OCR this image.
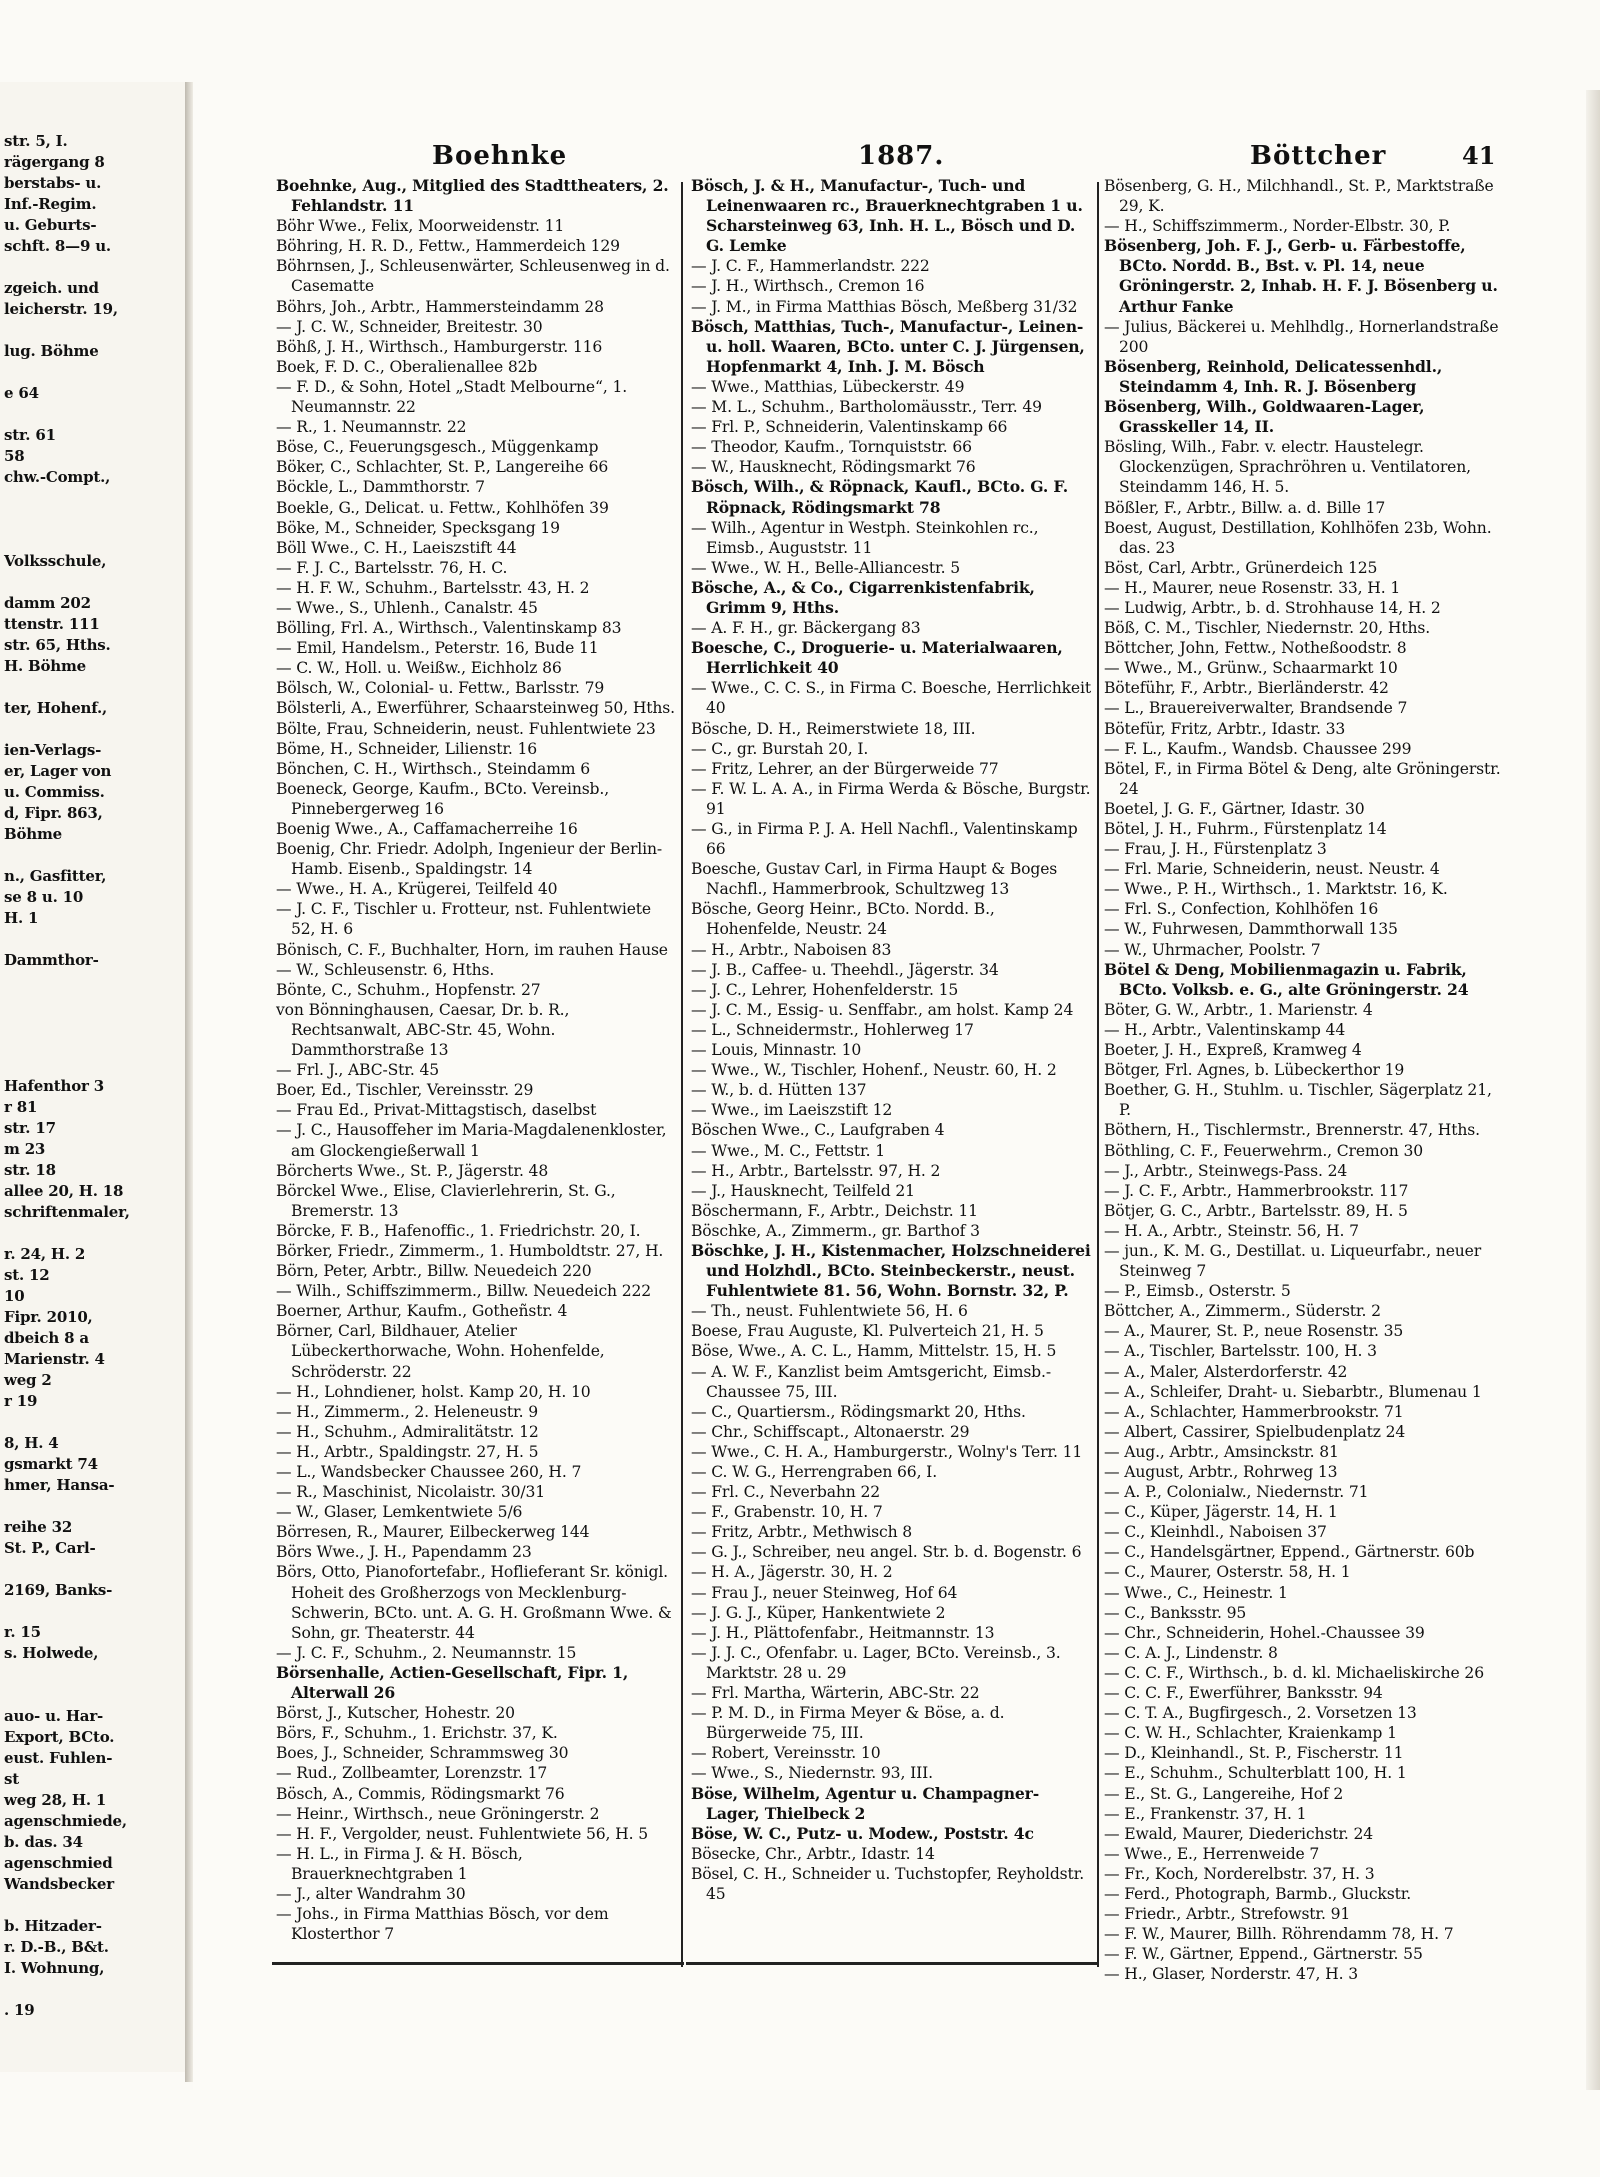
str. 5, I.
rägergang 8
berstabs- u.
Inf.-Regim.
u. Geburts-
schft. 8—9 u.
zgeich. und
leicherstr. 19,
lug. Böhme
e 64
str. 61
58
chw.-Compt.,
Volksschule,
damm 202
ttenstr. 111
str. 65, Hths.
H. Böhme
ter, Hohenf.,
ien-Verlags-
er, Lager von
u. Commiss.
d, Fipr. 863,
Böhme
n., Gasfitter,
se 8 u. 10
H. 1
Dammthor-
Hafenthor 3
r 81
str. 17
m 23
str. 18
allee 20, H. 18
schriftenmaler,
r. 24, H. 2
st. 12
10
Fipr. 2010,
dbeich 8 a
Marienstr. 4
weg 2
r 19
8, H. 4
gsmarkt 74
hmer, Hansa-
reihe 32
St. P., Carl-
2169, Banks-
r. 15
s. Holwede,
auo- u. Har-
Export, BCto.
eust. Fuhlen-
st
weg 28, H. 1
agenschmiede,
b. das. 34
agenschmied
Wandsbecker
b. Hitzader-
r. D.-B., B&t.
I. Wohnung,
. 19
Boehnke	1887.	Böttcher	41

Boehnke, Aug., Mitglied des Stadttheaters, 2. Fehlandstr. 11

Böhr Wwe., Felix, Moorweidenstr. 11

Böhring, H. R. D., Fettw., Hammerdeich 129

Böhrnsen, J., Schleusenwärter, Schleusenweg in d. Casematte

Böhrs, Joh., Arbtr., Hammersteindamm 28

— J. C. W., Schneider, Breitestr. 30

Böhß, J. H., Wirthsch., Hamburgerstr. 116

Boek, F. D. C., Oberalienallee 82b

— F. D., & Sohn, Hotel „Stadt Melbourne“, 1. Neumannstr. 22

— R., 1. Neumannstr. 22

Böse, C., Feuerungsgesch., Müggenkamp

Böker, C., Schlachter, St. P., Langereihe 66

Böckle, L., Dammthorstr. 7

Boekle, G., Delicat. u. Fettw., Kohlhöfen 39

Böke, M., Schneider, Specksgang 19

Böll Wwe., C. H., Laeiszstift 44

— F. J. C., Bartelsstr. 76, H. C.

— H. F. W., Schuhm., Bartelsstr. 43, H. 2

— Wwe., S., Uhlenh., Canalstr. 45

Bölling, Frl. A., Wirthsch., Valentinskamp 83

— Emil, Handelsm., Peterstr. 16, Bude 11

— C. W., Holl. u. Weißw., Eichholz 86

Bölsch, W., Colonial- u. Fettw., Barlsstr. 79

Bölsterli, A., Ewerführer, Schaarsteinweg 50, Hths.

Bölte, Frau, Schneiderin, neust. Fuhlentwiete 23

Böme, H., Schneider, Lilienstr. 16

Bönchen, C. H., Wirthsch., Steindamm 6

Boeneck, George, Kaufm., BCto. Vereinsb., Pinnebergerweg 16

Boenig Wwe., A., Caffamacherreihe 16

Boenig, Chr. Friedr. Adolph, Ingenieur der Berlin-Hamb. Eisenb., Spaldingstr. 14

— Wwe., H. A., Krügerei, Teilfeld 40

— J. C. F., Tischler u. Frotteur, nst. Fuhlentwiete 52, H. 6

Bönisch, C. F., Buchhalter, Horn, im rauhen Hause

— W., Schleusenstr. 6, Hths.

Bönte, C., Schuhm., Hopfenstr. 27

von Bönninghausen, Caesar, Dr. b. R., Rechtsanwalt, ABC-Str. 45, Wohn. Dammthorstraße 13

— Frl. J., ABC-Str. 45

Boer, Ed., Tischler, Vereinsstr. 29

— Frau Ed., Privat-Mittagstisch, daselbst

— J. C., Hausoffeher im Maria-Magdalenenkloster, am Glockengießerwall 1

Börcherts Wwe., St. P., Jägerstr. 48

Börckel Wwe., Elise, Clavierlehrerin, St. G., Bremerstr. 13

Börcke, F. B., Hafenoffic., 1. Friedrichstr. 20, I.

Börker, Friedr., Zimmerm., 1. Humboldtstr. 27, H.

Börn, Peter, Arbtr., Billw. Neuedeich 220

— Wilh., Schiffszimmerm., Billw. Neuedeich 222

Boerner, Arthur, Kaufm., Gotheñstr. 4

Börner, Carl, Bildhauer, Atelier Lübeckerthorwache, Wohn. Hohenfelde, Schröderstr. 22

— H., Lohndiener, holst. Kamp 20, H. 10

— H., Zimmerm., 2. Heleneustr. 9

— H., Schuhm., Admiralitätstr. 12

— H., Arbtr., Spaldingstr. 27, H. 5

— L., Wandsbecker Chaussee 260, H. 7

— R., Maschinist, Nicolaistr. 30/31

— W., Glaser, Lemkentwiete 5/6

Börresen, R., Maurer, Eilbeckerweg 144

Börs Wwe., J. H., Papendamm 23

Börs, Otto, Pianofortefabr., Hoflieferant Sr. königl. Hoheit des Großherzogs von Mecklenburg-Schwerin, BCto. unt. A. G. H. Großmann Wwe. & Sohn, gr. Theaterstr. 44

— J. C. F., Schuhm., 2. Neumannstr. 15

Börsenhalle, Actien-Gesellschaft, Fipr. 1, Alterwall 26

Börst, J., Kutscher, Hohestr. 20

Börs, F., Schuhm., 1. Erichstr. 37, K.

Boes, J., Schneider, Schrammsweg 30

— Rud., Zollbeamter, Lorenzstr. 17

Bösch, A., Commis, Rödingsmarkt 76

— Heinr., Wirthsch., neue Gröningerstr. 2

— H. F., Vergolder, neust. Fuhlentwiete 56, H. 5

— H. L., in Firma J. & H. Bösch, Brauerknechtgraben 1

— J., alter Wandrahm 30

— Johs., in Firma Matthias Bösch, vor dem Klosterthor 7

Bösch, J. & H., Manufactur-, Tuch- und Leinenwaaren rc., Brauerknechtgraben 1 u. Scharsteinweg 63, Inh. H. L., Bösch und D. G. Lemke

— J. C. F., Hammerlandstr. 222

— J. H., Wirthsch., Cremon 16

— J. M., in Firma Matthias Bösch, Meßberg 31/32

Bösch, Matthias, Tuch-, Manufactur-, Leinen- u. holl. Waaren, BCto. unter C. J. Jürgensen, Hopfenmarkt 4, Inh. J. M. Bösch

— Wwe., Matthias, Lübeckerstr. 49

— M. L., Schuhm., Bartholomäusstr., Terr. 49

— Frl. P., Schneiderin, Valentinskamp 66

— Theodor, Kaufm., Tornquiststr. 66

— W., Hausknecht, Rödingsmarkt 76

Bösch, Wilh., & Röpnack, Kaufl., BCto. G. F. Röpnack, Rödingsmarkt 78

— Wilh., Agentur in Westph. Steinkohlen rc., Eimsb., Auguststr. 11

— Wwe., W. H., Belle-Alliancestr. 5

Bösche, A., & Co., Cigarrenkistenfabrik, Grimm 9, Hths.

— A. F. H., gr. Bäckergang 83

Boesche, C., Droguerie- u. Materialwaaren, Herrlichkeit 40

— Wwe., C. C. S., in Firma C. Boesche, Herrlichkeit 40

Bösche, D. H., Reimerstwiete 18, III.

— C., gr. Burstah 20, I.

— Fritz, Lehrer, an der Bürgerweide 77

— F. W. L. A. A., in Firma Werda & Bösche, Burgstr. 91

— G., in Firma P. J. A. Hell Nachfl., Valentinskamp 66

Boesche, Gustav Carl, in Firma Haupt & Boges Nachfl., Hammerbrook, Schultzweg 13

Bösche, Georg Heinr., BCto. Nordd. B., Hohenfelde, Neustr. 24

— H., Arbtr., Naboisen 83

— J. B., Caffee- u. Theehdl., Jägerstr. 34

— J. C., Lehrer, Hohenfelderstr. 15

— J. C. M., Essig- u. Senffabr., am holst. Kamp 24

— L., Schneidermstr., Hohlerweg 17

— Louis, Minnastr. 10

— Wwe., W., Tischler, Hohenf., Neustr. 60, H. 2

— W., b. d. Hütten 137

— Wwe., im Laeiszstift 12

Böschen Wwe., C., Laufgraben 4

— Wwe., M. C., Fettstr. 1

— H., Arbtr., Bartelsstr. 97, H. 2

— J., Hausknecht, Teilfeld 21

Böschermann, F., Arbtr., Deichstr. 11

Böschke, A., Zimmerm., gr. Barthof 3

Böschke, J. H., Kistenmacher, Holzschneiderei und Holzhdl., BCto. Steinbeckerstr., neust. Fuhlentwiete 81. 56, Wohn. Bornstr. 32, P.

— Th., neust. Fuhlentwiete 56, H. 6

Boese, Frau Auguste, Kl. Pulverteich 21, H. 5

Böse, Wwe., A. C. L., Hamm, Mittelstr. 15, H. 5

— A. W. F., Kanzlist beim Amtsgericht, Eimsb.-Chaussee 75, III.

— C., Quartiersm., Rödingsmarkt 20, Hths.

— Chr., Schiffscapt., Altonaerstr. 29

— Wwe., C. H. A., Hamburgerstr., Wolny's Terr. 11

— C. W. G., Herrengraben 66, I.

— Frl. C., Neverbahn 22

— F., Grabenstr. 10, H. 7

— Fritz, Arbtr., Methwisch 8

— G. J., Schreiber, neu angel. Str. b. d. Bogenstr. 6

— H. A., Jägerstr. 30, H. 2

— Frau J., neuer Steinweg, Hof 64

— J. G. J., Küper, Hankentwiete 2

— J. H., Plättofenfabr., Heitmannstr. 13

— J. J. C., Ofenfabr. u. Lager, BCto. Vereinsb., 3. Marktstr. 28 u. 29

— Frl. Martha, Wärterin, ABC-Str. 22

— P. M. D., in Firma Meyer & Böse, a. d. Bürgerweide 75, III.

— Robert, Vereinsstr. 10

— Wwe., S., Niedernstr. 93, III.

Böse, Wilhelm, Agentur u. Champagner-Lager, Thielbeck 2

Böse, W. C., Putz- u. Modew., Poststr. 4c

Bösecke, Chr., Arbtr., Idastr. 14

Bösel, C. H., Schneider u. Tuchstopfer, Reyholdstr. 45

Bösenberg, G. H., Milchhandl., St. P., Marktstraße 29, K.

— H., Schiffszimmerm., Norder-Elbstr. 30, P.

Bösenberg, Joh. F. J., Gerb- u. Färbestoffe, BCto. Nordd. B., Bst. v. Pl. 14, neue Gröningerstr. 2, Inhab. H. F. J. Bösenberg u. Arthur Fanke

— Julius, Bäckerei u. Mehlhdlg., Hornerlandstraße 200

Bösenberg, Reinhold, Delicatessenhdl., Steindamm 4, Inh. R. J. Bösenberg

Bösenberg, Wilh., Goldwaaren-Lager, Grasskeller 14, II.

Bösling, Wilh., Fabr. v. electr. Haustelegr. Glockenzügen, Sprachröhren u. Ventilatoren, Steindamm 146, H. 5.

Bößler, F., Arbtr., Billw. a. d. Bille 17

Boest, August, Destillation, Kohlhöfen 23b, Wohn. das. 23

Böst, Carl, Arbtr., Grünerdeich 125

— H., Maurer, neue Rosenstr. 33, H. 1

— Ludwig, Arbtr., b. d. Strohhause 14, H. 2

Böß, C. M., Tischler, Niedernstr. 20, Hths.

Böttcher, John, Fettw., Notheßoodstr. 8

— Wwe., M., Grünw., Schaarmarkt 10

Böteführ, F., Arbtr., Bierländerstr. 42

— L., Brauereiverwalter, Brandsende 7

Bötefür, Fritz, Arbtr., Idastr. 33

— F. L., Kaufm., Wandsb. Chaussee 299

Bötel, F., in Firma Bötel & Deng, alte Gröningerstr. 24

Boetel, J. G. F., Gärtner, Idastr. 30

Bötel, J. H., Fuhrm., Fürstenplatz 14

— Frau, J. H., Fürstenplatz 3

— Frl. Marie, Schneiderin, neust. Neustr. 4

— Wwe., P. H., Wirthsch., 1. Marktstr. 16, K.

— Frl. S., Confection, Kohlhöfen 16

— W., Fuhrwesen, Dammthorwall 135

— W., Uhrmacher, Poolstr. 7

Bötel & Deng, Mobilienmagazin u. Fabrik, BCto. Volksb. e. G., alte Gröningerstr. 24

Böter, G. W., Arbtr., 1. Marienstr. 4

— H., Arbtr., Valentinskamp 44

Boeter, J. H., Expreß, Kramweg 4

Bötger, Frl. Agnes, b. Lübeckerthor 19

Boether, G. H., Stuhlm. u. Tischler, Sägerplatz 21, P.

Böthern, H., Tischlermstr., Brennerstr. 47, Hths.

Böthling, C. F., Feuerwehrm., Cremon 30

— J., Arbtr., Steinwegs-Pass. 24

— J. C. F., Arbtr., Hammerbrookstr. 117

Bötjer, G. C., Arbtr., Bartelsstr. 89, H. 5

— H. A., Arbtr., Steinstr. 56, H. 7

— jun., K. M. G., Destillat. u. Liqueurfabr., neuer Steinweg 7

— P., Eimsb., Osterstr. 5

Böttcher, A., Zimmerm., Süderstr. 2

— A., Maurer, St. P., neue Rosenstr. 35

— A., Tischler, Bartelsstr. 100, H. 3

— A., Maler, Alsterdorferstr. 42

— A., Schleifer, Draht- u. Siebarbtr., Blumenau 1

— A., Schlachter, Hammerbrookstr. 71

— Albert, Cassirer, Spielbudenplatz 24

— Aug., Arbtr., Amsinckstr. 81

— August, Arbtr., Rohrweg 13

— A. P., Colonialw., Niedernstr. 71

— C., Küper, Jägerstr. 14, H. 1

— C., Kleinhdl., Naboisen 37

— C., Handelsgärtner, Eppend., Gärtnerstr. 60b

— C., Maurer, Osterstr. 58, H. 1

— Wwe., C., Heinestr. 1

— C., Banksstr. 95

— Chr., Schneiderin, Hohel.-Chaussee 39

— C. A. J., Lindenstr. 8

— C. C. F., Wirthsch., b. d. kl. Michaeliskirche 26

— C. C. F., Ewerführer, Banksstr. 94

— C. T. A., Bugfirgesch., 2. Vorsetzen 13

— C. W. H., Schlachter, Kraienkamp 1

— D., Kleinhandl., St. P., Fischerstr. 11

— E., Schuhm., Schulterblatt 100, H. 1

— E., St. G., Langereihe, Hof 2

— E., Frankenstr. 37, H. 1

— Ewald, Maurer, Diederichstr. 24

— Wwe., E., Herrenweide 7

— Fr., Koch, Norderelbstr. 37, H. 3

— Ferd., Photograph, Barmb., Gluckstr.

— Friedr., Arbtr., Strefowstr. 91

— F. W., Maurer, Billh. Röhrendamm 78, H. 7

— F. W., Gärtner, Eppend., Gärtnerstr. 55

— H., Glaser, Norderstr. 47, H. 3
